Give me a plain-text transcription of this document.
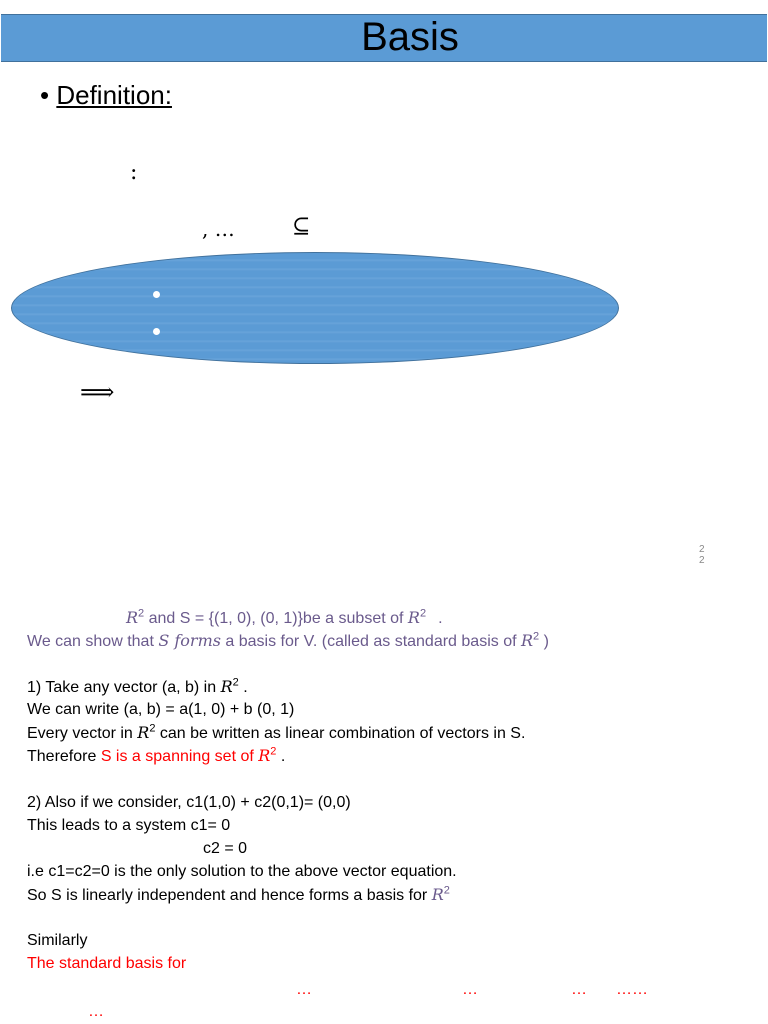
Basis
• Definition:
:
, …	⊆
⟹
2
2
$R^2$ and S = {(1, 0), (0, 1)}be a subset of $R^2$ .
We can show that S forms a basis for V. (called as standard basis of $R^2$ )
1) Take any vector (a, b) in $R^2$ .
We can write (a, b) = a(1, 0) + b (0, 1)
Every vector in $R^2$ can be written as linear combination of vectors in S.
Therefore S is a spanning set of $R^2$ .
2) Also if we consider, c1(1,0) + c2(0,1)= (0,0)
This leads to a system c1= 0
c2 = 0
i.e c1=c2=0 is the only solution to the above vector equation.
So S is linearly independent and hence forms a basis for $R^2$
Similarly
The standard basis for
…	…	… ……
…
